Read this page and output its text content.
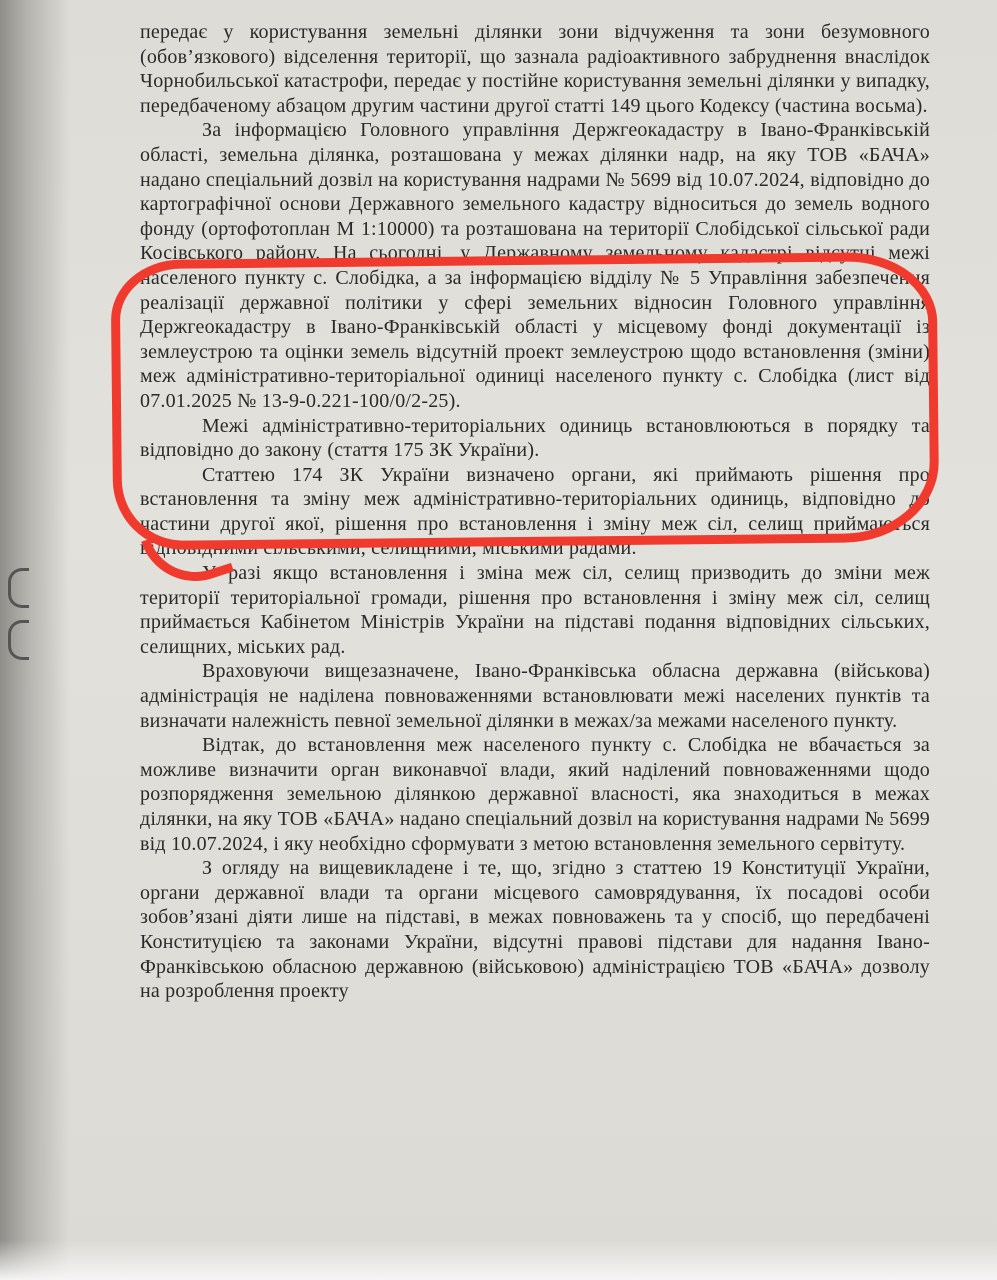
передає у користування земельні ділянки зони відчуження та зони безумовного (обов’язкового) відселення території, що зазнала радіоактивного забруднення внаслідок Чорнобильської катастрофи, передає у постійне користування земельні ділянки у випадку, передбаченому абзацом другим частини другої статті 149 цього Кодексу (частина восьма).

За інформацією Головного управління Держгеокадастру в Івано-Франківській області, земельна ділянка, розташована у межах ділянки надр, на яку ТОВ «БАЧА» надано спеціальний дозвіл на користування надрами № 5699 від 10.07.2024, відповідно до картографічної основи Державного земельного кадастру відноситься до земель водного фонду (ортофотоплан М 1:10000) та розташована на території Слобідської сільської ради Косівського району. На сьогодні, у Державному земельному кадастрі відсутні межі населеного пункту с. Слобідка, а за інформацією відділу № 5 Управління забезпечення реалізації державної політики у сфері земельних відносин Головного управління Держгеокадастру в Івано-Франківській області у місцевому фонді документації із землеустрою та оцінки земель відсутній проект землеустрою щодо встановлення (зміни) меж адміністративно-територіальної одиниці населеного пункту с. Слобідка (лист від 07.01.2025 № 13-9-0.221-100/0/2-25).

Межі адміністративно-територіальних одиниць встановлюються в порядку та відповідно до закону (стаття 175 ЗК України).

Статтею 174 ЗК України визначено органи, які приймають рішення про встановлення та зміну меж адміністративно-територіальних одиниць, відповідно до частини другої якої, рішення про встановлення і зміну меж сіл, селищ приймаються відповідними сільськими, селищними, міськими радами.

У разі якщо встановлення і зміна меж сіл, селищ призводить до зміни меж території територіальної громади, рішення про встановлення і зміну меж сіл, селищ приймається Кабінетом Міністрів України на підставі подання відповідних сільських, селищних, міських рад.

Враховуючи вищезазначене, Івано-Франківська обласна державна (військова) адміністрація не наділена повноваженнями встановлювати межі населених пунктів та визначати належність певної земельної ділянки в межах/за межами населеного пункту.

Відтак, до встановлення меж населеного пункту с. Слобідка не вбачається за можливе визначити орган виконавчої влади, який наділений повноваженнями щодо розпорядження земельною ділянкою державної власності, яка знаходиться в межах ділянки, на яку ТОВ «БАЧА» надано спеціальний дозвіл на користування надрами № 5699 від 10.07.2024, і яку необхідно сформувати з метою встановлення земельного сервітуту.

З огляду на вищевикладене і те, що, згідно з статтею 19 Конституції України, органи державної влади та органи місцевого самоврядування, їх посадові особи зобов’язані діяти лише на підставі, в межах повноважень та у спосіб, що передбачені Конституцією та законами України, відсутні правові підстави для надання Івано-Франківською обласною державною (військовою) адміністрацією ТОВ «БАЧА» дозволу на розроблення проекту
